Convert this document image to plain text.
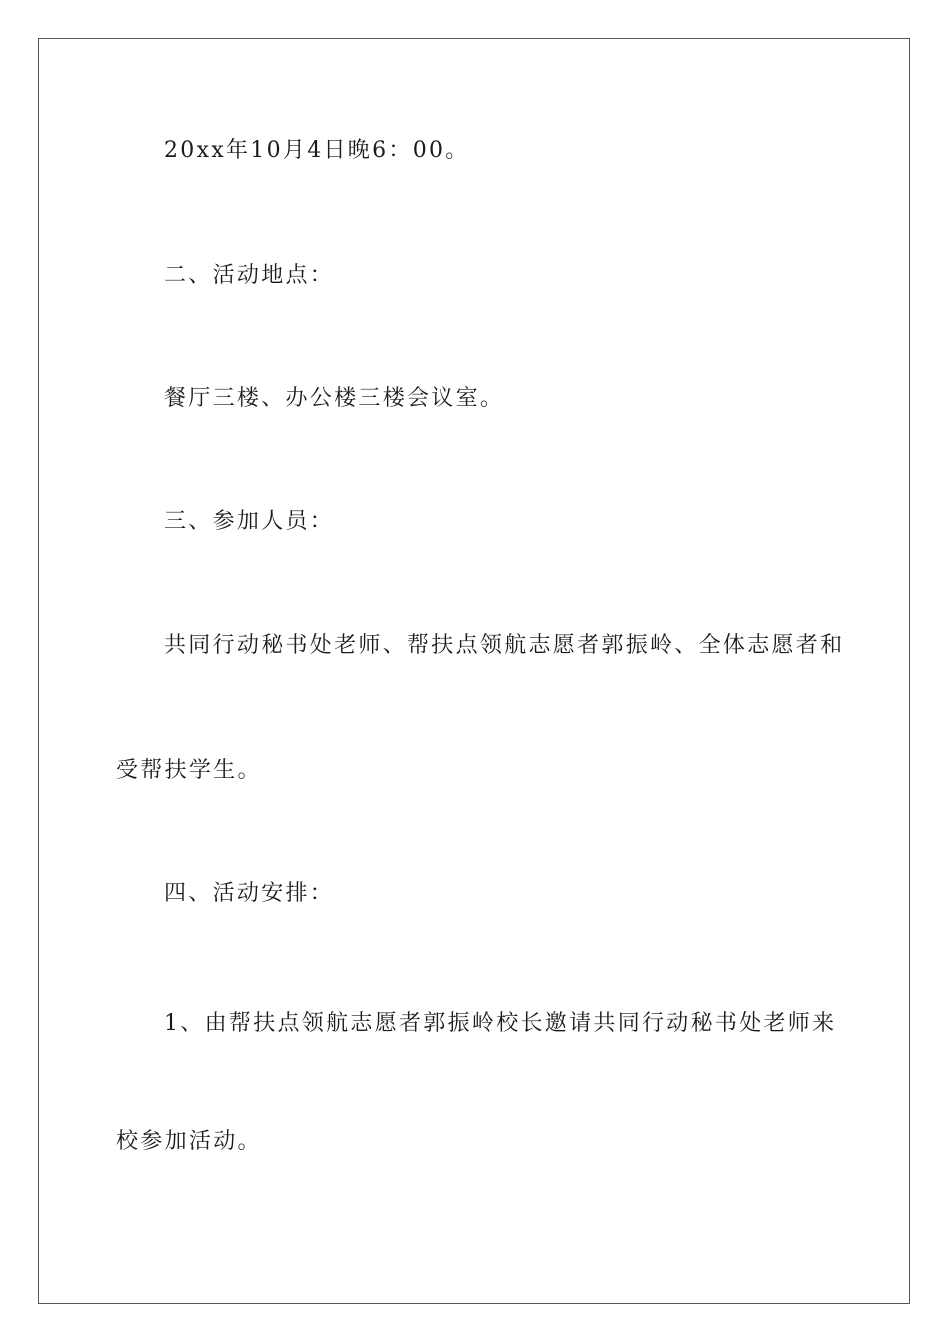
20xx年10月4日晚6：00。
二、活动地点：
餐厅三楼、办公楼三楼会议室。
三、参加人员：
共同行动秘书处老师、帮扶点领航志愿者郭振岭、全体志愿者和
受帮扶学生。
四、活动安排：
1、由帮扶点领航志愿者郭振岭校长邀请共同行动秘书处老师来
校参加活动。
